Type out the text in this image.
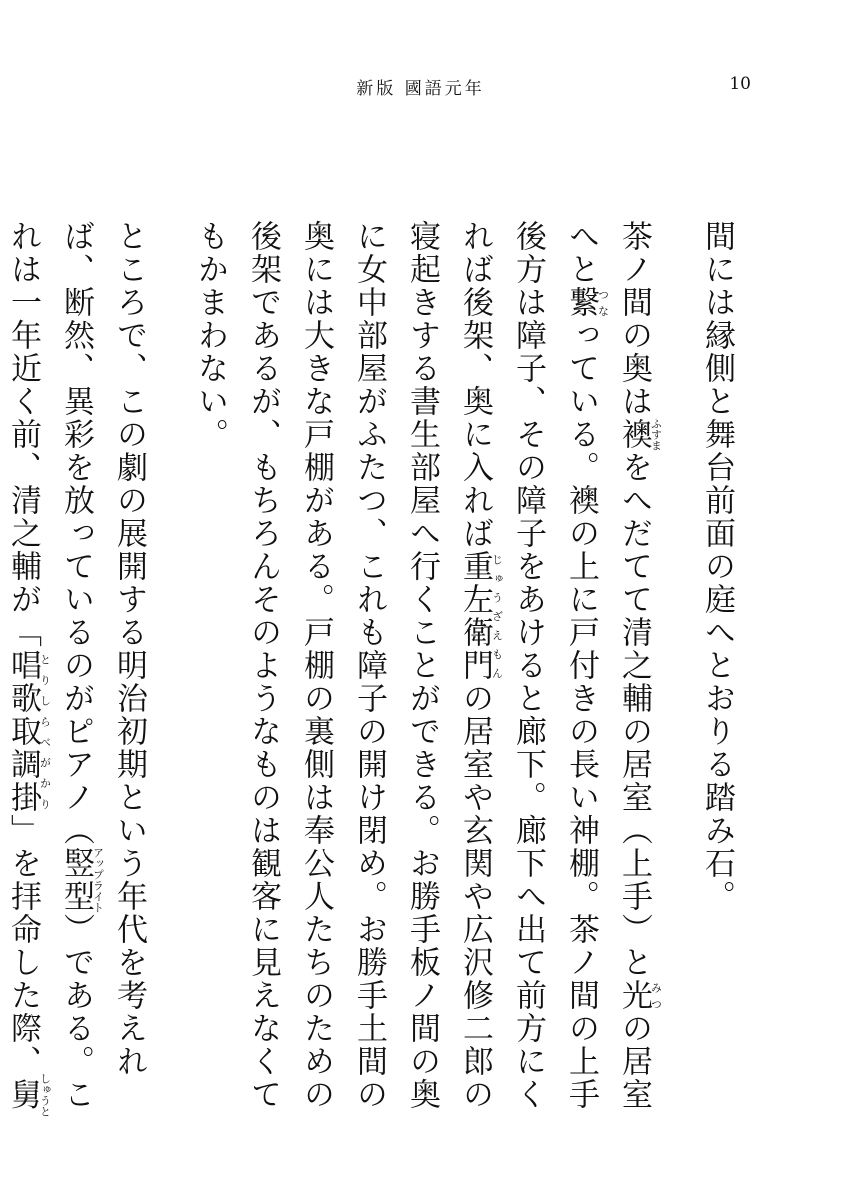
新版 國語元年	10

間には縁側と舞台前面の庭へとおりる踏み石。

茶ノ間の奥は襖ふすまをへだてて清之輔の居室（上手）と光みつの居室へと繋つなっている。襖の上に戸付きの長い神棚。茶ノ間の上手後方は障子、その障子をあけると廊下。廊下へ出て前方にくれば後架、奥に入れば重左衛門じゅうざえもんの居室や玄関や広沢修二郎の寝起きする書生部屋へ行くことができる。お勝手板ノ間の奥に女中部屋がふたつ、これも障子の開け閉め。お勝手土間の奥には大きな戸棚がある。戸棚の裏側は奉公人たちのための後架であるが、もちろんそのようなものは観客に見えなくてもかまわない。

ところで、この劇の展開する明治初期という年代を考えれば、断然、異彩を放っているのがピアノ（竪型アップライト）である。これは一年近く前、清之輔が「唱歌取調掛とりしらべがかり」を拝命した際、舅しゅうと
